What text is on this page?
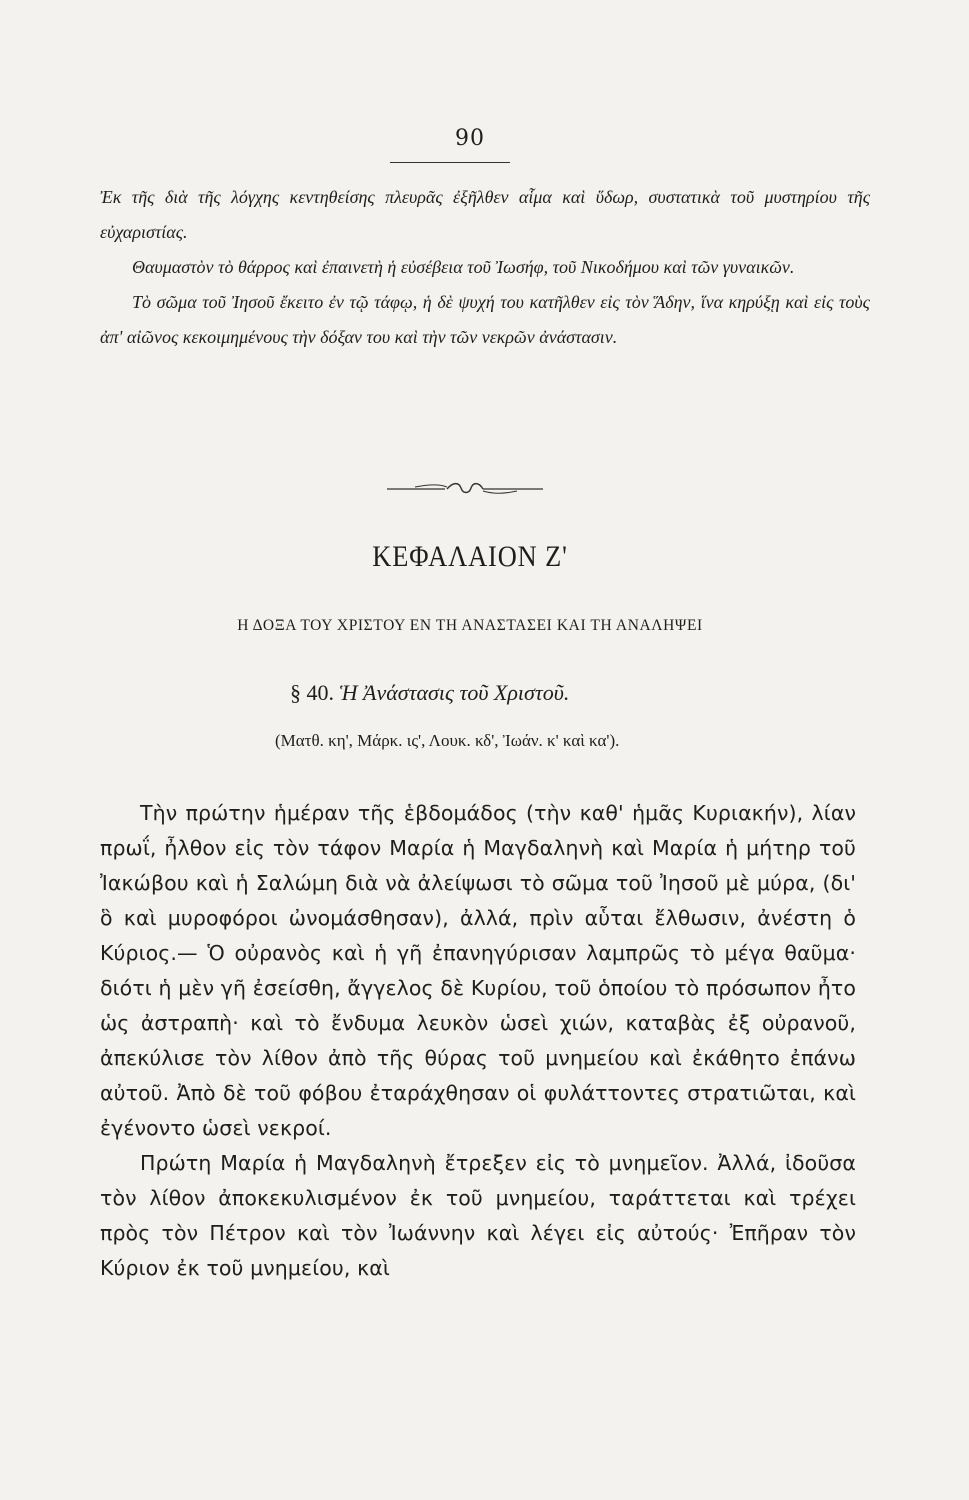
90

Ἐκ τῆς διὰ τῆς λόγχης κεντηθείσης πλευρᾶς ἐξῆλθεν αἷμα καὶ ὕδωρ, συστατικὰ τοῦ μυστηρίου τῆς εὐχαριστίας.

Θαυμαστὸν τὸ θάρρος καὶ ἐπαινετὴ ἡ εὐσέβεια τοῦ Ἰωσήφ, τοῦ Νικοδήμου καὶ τῶν γυναικῶν.

Τὸ σῶμα τοῦ Ἰησοῦ ἔκειτο ἐν τῷ τάφῳ, ἡ δὲ ψυχή του κατῆλθεν εἰς τὸν Ἅδην, ἵνα κηρύξῃ καὶ εἰς τοὺς ἀπ' αἰῶνος κεκοιμημένους τὴν δόξαν του καὶ τὴν τῶν νεκρῶν ἀνάστασιν.

ΚΕΦΑΛΑΙΟΝ Ζ'
Η ΔΟΞΑ ΤΟΥ ΧΡΙΣΤΟΥ ΕΝ ΤΗ ΑΝΑΣΤΑΣΕΙ ΚΑΙ ΤΗ ΑΝΑΛΗΨΕΙ
§ 40. Ἡ Ἀνάστασις τοῦ Χριστοῦ.
(Ματθ. κη', Μάρκ. ις', Λουκ. κδ', Ἰωάν. κ' καὶ κα').

Τὴν πρώτην ἡμέραν τῆς ἑβδομάδος (τὴν καθ' ἡμᾶς Κυριακήν), λίαν πρωΐ, ἦλθον εἰς τὸν τάφον Μαρία ἡ Μαγδαληνὴ καὶ Μαρία ἡ μήτηρ τοῦ Ἰακώβου καὶ ἡ Σαλώμη διὰ νὰ ἀλείψωσι τὸ σῶμα τοῦ Ἰησοῦ μὲ μύρα, (δι' ὃ καὶ μυροφόροι ὠνομάσθησαν), ἀλλά, πρὶν αὗται ἔλθωσιν, ἀνέστη ὁ Κύριος.— Ὁ οὐρανὸς καὶ ἡ γῆ ἐπανηγύρισαν λαμπρῶς τὸ μέγα θαῦμα· διότι ἡ μὲν γῆ ἐσείσθη, ἄγγελος δὲ Κυρίου, τοῦ ὁποίου τὸ πρόσωπον ἦτο ὡς ἀστραπὴ· καὶ τὸ ἔνδυμα λευκὸν ὡσεὶ χιών, καταβὰς ἐξ οὐρανοῦ, ἀπεκύλισε τὸν λίθον ἀπὸ τῆς θύρας τοῦ μνημείου καὶ ἐκάθητο ἐπάνω αὐτοῦ. Ἀπὸ δὲ τοῦ φόβου ἐταράχθησαν οἱ φυλάττοντες στρατιῶται, καὶ ἐγένοντο ὡσεὶ νεκροί.

Πρώτη Μαρία ἡ Μαγδαληνὴ ἔτρεξεν εἰς τὸ μνημεῖον. Ἀλλά, ἰδοῦσα τὸν λίθον ἀποκεκυλισμένον ἐκ τοῦ μνημείου, ταράττεται καὶ τρέχει πρὸς τὸν Πέτρον καὶ τὸν Ἰωάννην καὶ λέγει εἰς αὐτούς· Ἐπῆραν τὸν Κύριον ἐκ τοῦ μνημείου, καὶ
